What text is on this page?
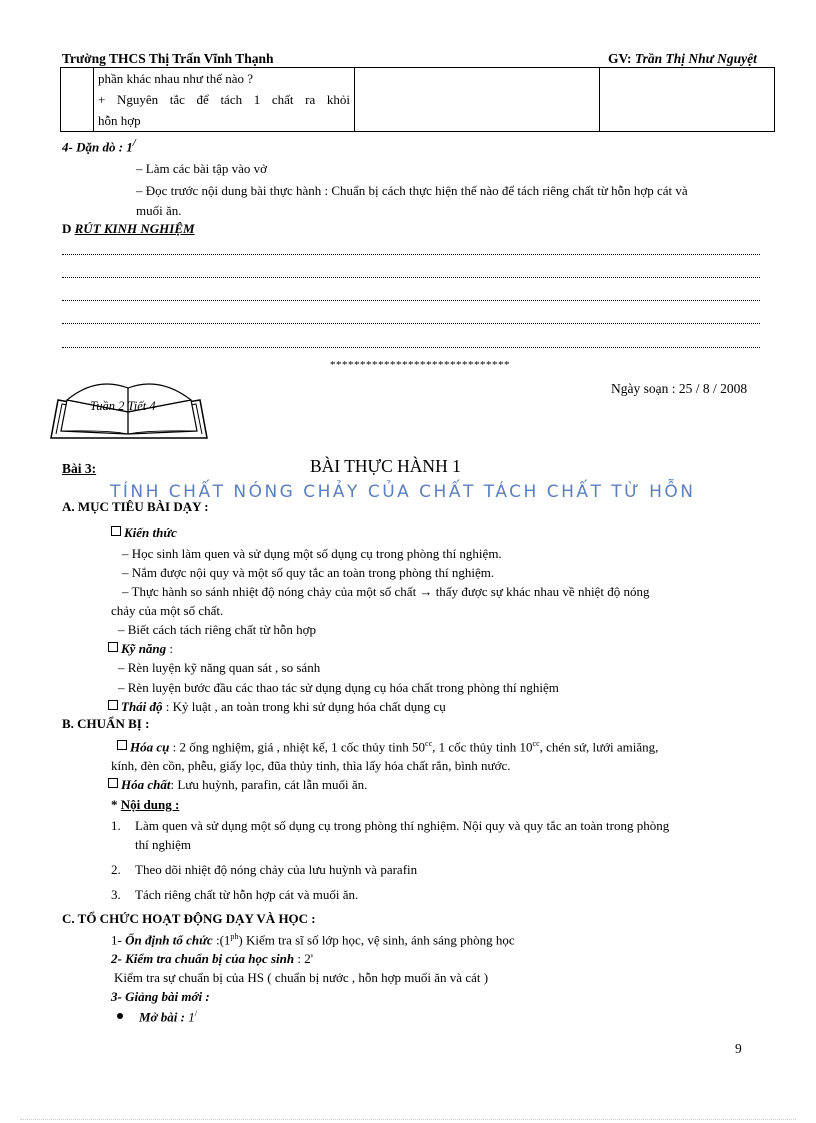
Trường THCS Thị Trấn Vĩnh Thạnh	GV: Trần Thị Như Nguyệt

phần khác nhau như thế nào ?
+ Nguyên tắc để tách 1 chất ra khỏi
hỗn hợp

4- Dặn dò : 1/
– Làm các bài tập vào vở
– Đọc trước nội dung bài thực hành : Chuẩn bị cách thực hiện thế nào để tách riêng chất từ hỗn hợp cát và
muối ăn.
D RÚT KINH NGHIỆM
******************************
Tuần 2 Tiết 4
Ngày soạn : 25 / 8 / 2008
Bài 3:	BÀI THỰC HÀNH 1
TÍNH CHẤT NÓNG CHẢY CỦA CHẤT TÁCH CHẤT TỪ HỖN
A. MỤC TIÊU BÀI DẠY :
Kiến thức
– Học sinh làm quen và sử dụng một số dụng cụ trong phòng thí nghiệm.
– Nắm được nội quy và một số quy tắc an toàn trong phòng thí nghiệm.
– Thực hành so sánh nhiệt độ nóng chảy của một số chất → thấy được sự khác nhau về nhiệt độ nóng
chảy của một số chất.
– Biết cách tách riêng chất từ hỗn hợp
Kỹ năng :
– Rèn luyện kỹ năng quan sát , so sánh
– Rèn luyện bước đầu các thao tác sử dụng dụng cụ hóa chất trong phòng thí nghiệm
Thái độ : Kỷ luật , an toàn trong khi sử dụng hóa chất dụng cụ
B. CHUẨN BỊ :
Hóa cụ : 2 ống nghiệm, giá , nhiệt kế, 1 cốc thủy tinh $50^{cc}$, 1 cốc thủy tinh $10^{cc}$, chén sứ, lưới amiăng,
kính, đèn cồn, phễu, giấy lọc, đũa thủy tinh, thìa lấy hóa chất rắn, bình nước.
Hóa chất: Lưu huỳnh, parafin, cát lẫn muối ăn.
* Nội dung :
1. Làm quen và sử dụng một số dụng cụ trong phòng thí nghiệm. Nội quy và quy tắc an toàn trong phòng
thí nghiệm
2. Theo dõi nhiệt độ nóng chảy của lưu huỳnh và parafin
3. Tách riêng chất từ hỗn hợp cát và muối ăn.
C. TỔ CHỨC HOẠT ĐỘNG DẠY VÀ HỌC :
1- Ổn định tổ chức $:(1^{ph})$ Kiểm tra sĩ số lớp học, vệ sinh, ánh sáng phòng học
2- Kiểm tra chuẩn bị của học sinh : 2'
Kiểm tra sự chuẩn bị của HS ( chuẩn bị nước , hỗn hợp muối ăn và cát )
3- Giảng bài mới :
Mở bài : 1/
9
